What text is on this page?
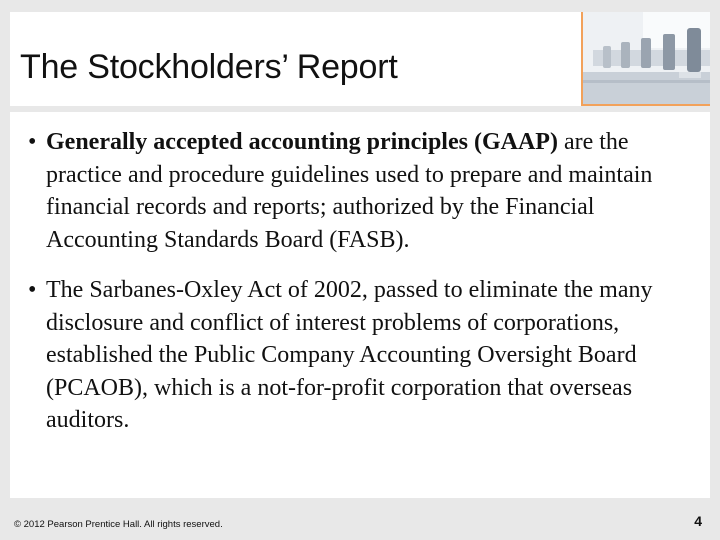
The Stockholders’ Report
• Generally accepted accounting principles (GAAP) are the practice and procedure guidelines used to prepare and maintain financial records and reports; authorized by the Financial Accounting Standards Board (FASB).

• The Sarbanes-Oxley Act of 2002, passed to eliminate the many disclosure and conflict of interest problems of corporations, established the Public Company Accounting Oversight Board (PCAOB), which is a not-for-profit corporation that overseas auditors.

© 2012 Pearson Prentice Hall. All rights reserved.	4
